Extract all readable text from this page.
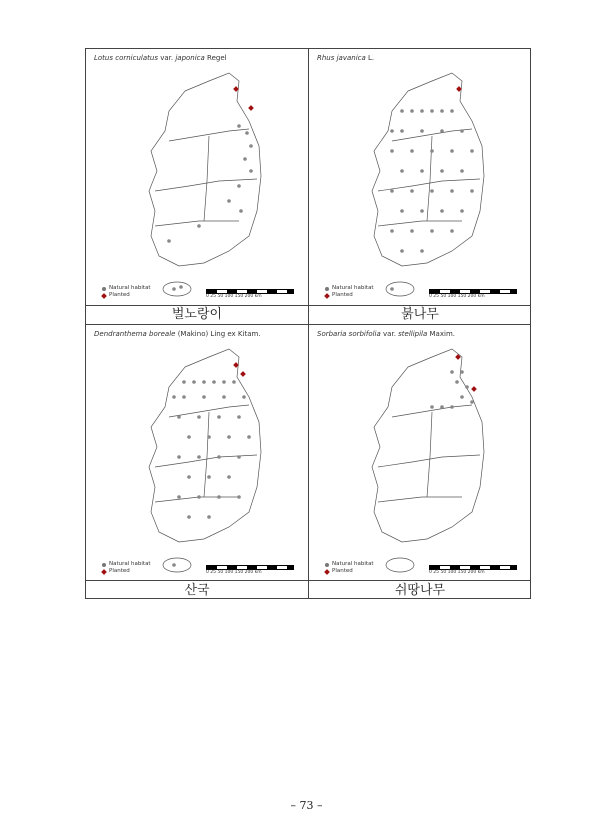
Lotus corniculatus var. japonica Regel
Natural habitat
Planted	0 25 50 100 150 200 km
벌노랑이
Rhus javanica L.
Natural habitat
Planted	0 25 50 100 150 200 km
붉나무
Dendranthema boreale (Makino) Ling ex Kitam.
Natural habitat
Planted	0 25 50 100 150 200 km
산국
Sorbaria sorbifolia var. stellipila Maxim.
Natural habitat
Planted	0 25 50 100 150 200 km
쉬땅나무
– 73 –
